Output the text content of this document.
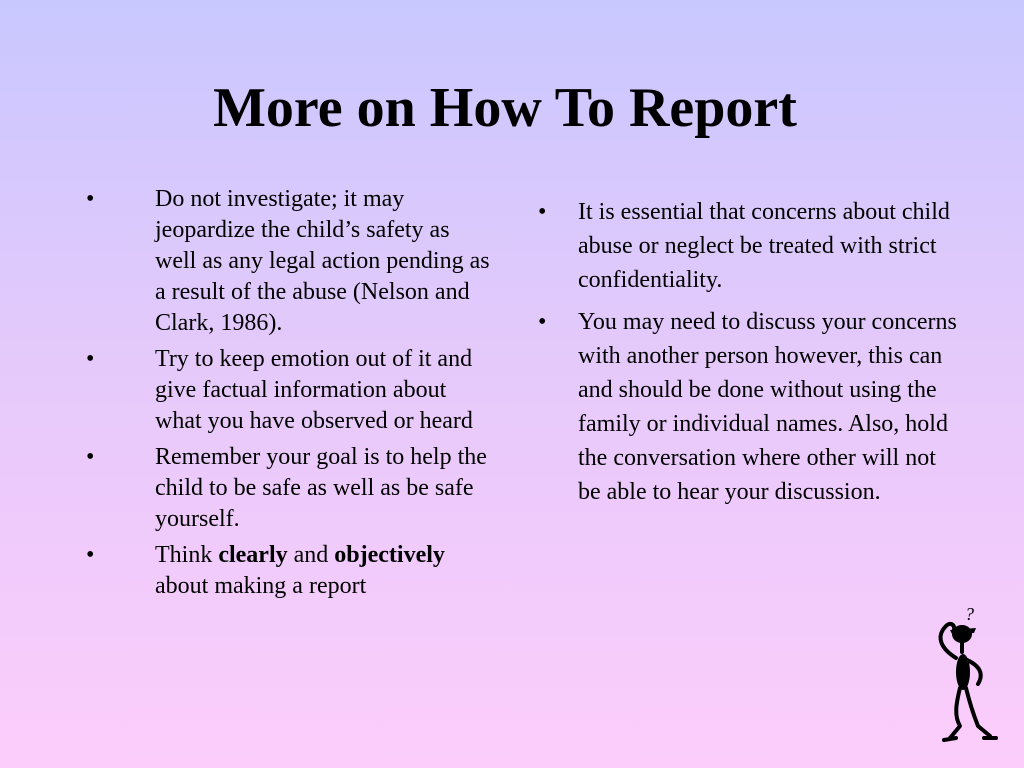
More on How To Report
•	Do not investigate; it may jeopardize the child’s safety as well as any legal action pending as a result of the abuse (Nelson and Clark, 1986).
•	Try to keep emotion out of it and give factual information about what you have observed or heard
•	Remember your goal is to help the child to be safe as well as be safe yourself.
•	Think clearly and objectively about making a report
• It is essential that concerns about child abuse or neglect be treated with strict confidentiality.
• You may need to discuss your concerns with another person however, this can and should be done without using the family or individual names. Also, hold the conversation where other will not be able to hear your discussion.
?
